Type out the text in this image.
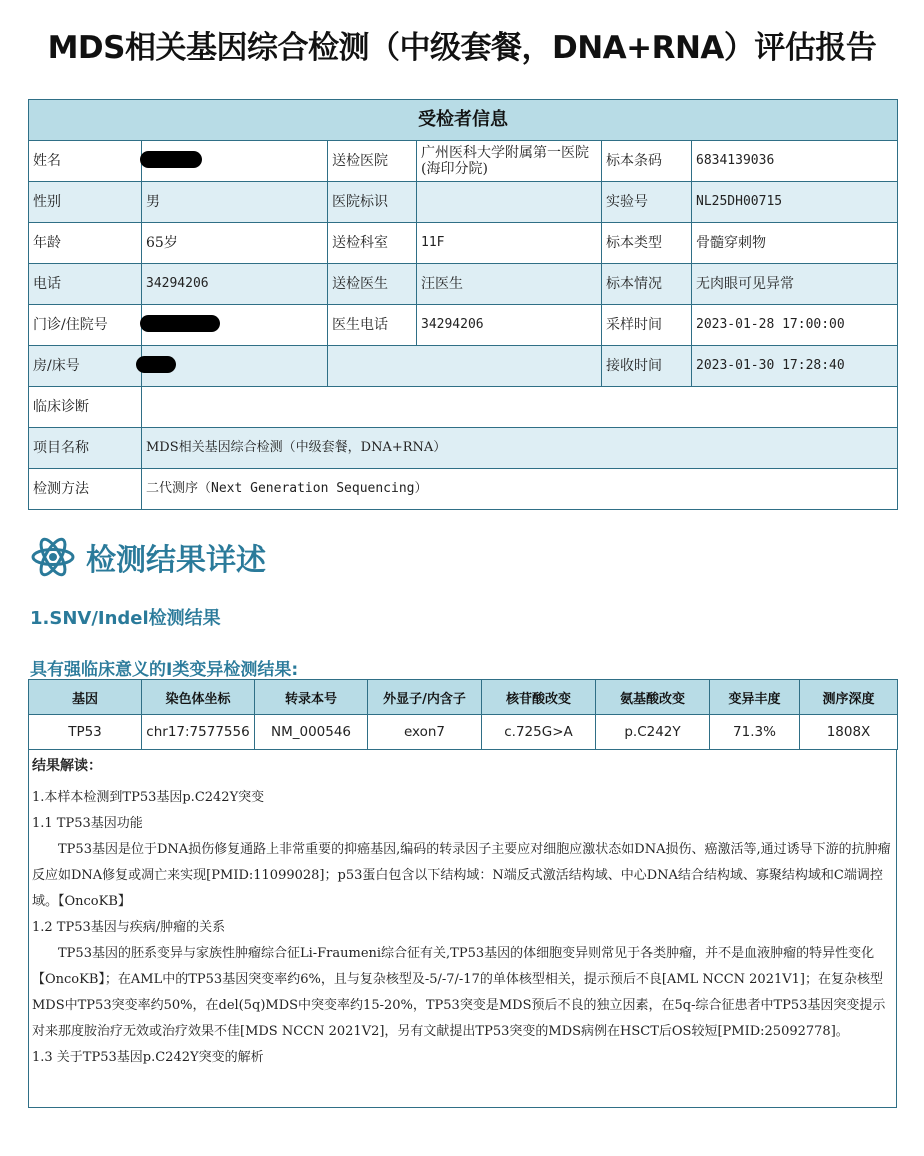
MDS相关基因综合检测（中级套餐，DNA+RNA）评估报告
受检者信息					
姓名		送检医院	广州医科大学附属第一医院(海印分院)	标本条码	6834139036
性别	男	医院标识		实验号	NL25DH00715
年龄	65岁	送检科室	11F	标本类型	骨髓穿刺物
电话	34294206	送检医生	汪医生	标本情况	无肉眼可见异常
门诊/住院号		医生电话	34294206	采样时间	2023-01-28 17:00:00
房/床号				接收时间	2023-01-30 17:28:40
临床诊断					
项目名称	MDS相关基因综合检测（中级套餐，DNA+RNA）				
检测方法	二代测序（Next Generation Sequencing）				
检测结果详述
1.SNV/Indel检测结果
具有强临床意义的I类变异检测结果:
基因	染色体坐标	转录本号	外显子/内含子	核苷酸改变	氨基酸改变	变异丰度	测序深度
TP53	chr17:7577556	NM_000546	exon7	c.725G>A	p.C242Y	71.3%	1808X
结果解读：

1.本样本检测到TP53基因p.C242Y突变

1.1 TP53基因功能

TP53基因是位于DNA损伤修复通路上非常重要的抑癌基因,编码的转录因子主要应对细胞应激状态如DNA损伤、癌激活等,通过诱导下游的抗肿瘤反应如DNA修复或凋亡来实现[PMID:11099028]；p53蛋白包含以下结构域：N端反式激活结构域、中心DNA结合结构域、寡聚结构域和C端调控域。【OncoKB】

1.2 TP53基因与疾病/肿瘤的关系

TP53基因的胚系变异与家族性肿瘤综合征Li-Fraumeni综合征有关,TP53基因的体细胞变异则常见于各类肿瘤，并不是血液肿瘤的特异性变化【OncoKB】；在AML中的TP53基因突变率约6%，且与复杂核型及-5/-7/-17的单体核型相关，提示预后不良[AML NCCN 2021V1]；在复杂核型MDS中TP53突变率约50%，在del(5q)MDS中突变率约15-20%，TP53突变是MDS预后不良的独立因素，在5q-综合征患者中TP53基因突变提示对来那度胺治疗无效或治疗效果不佳[MDS NCCN 2021V2]，另有文献提出TP53突变的MDS病例在HSCT后OS较短[PMID:25092778]。

1.3 关于TP53基因p.C242Y突变的解析
